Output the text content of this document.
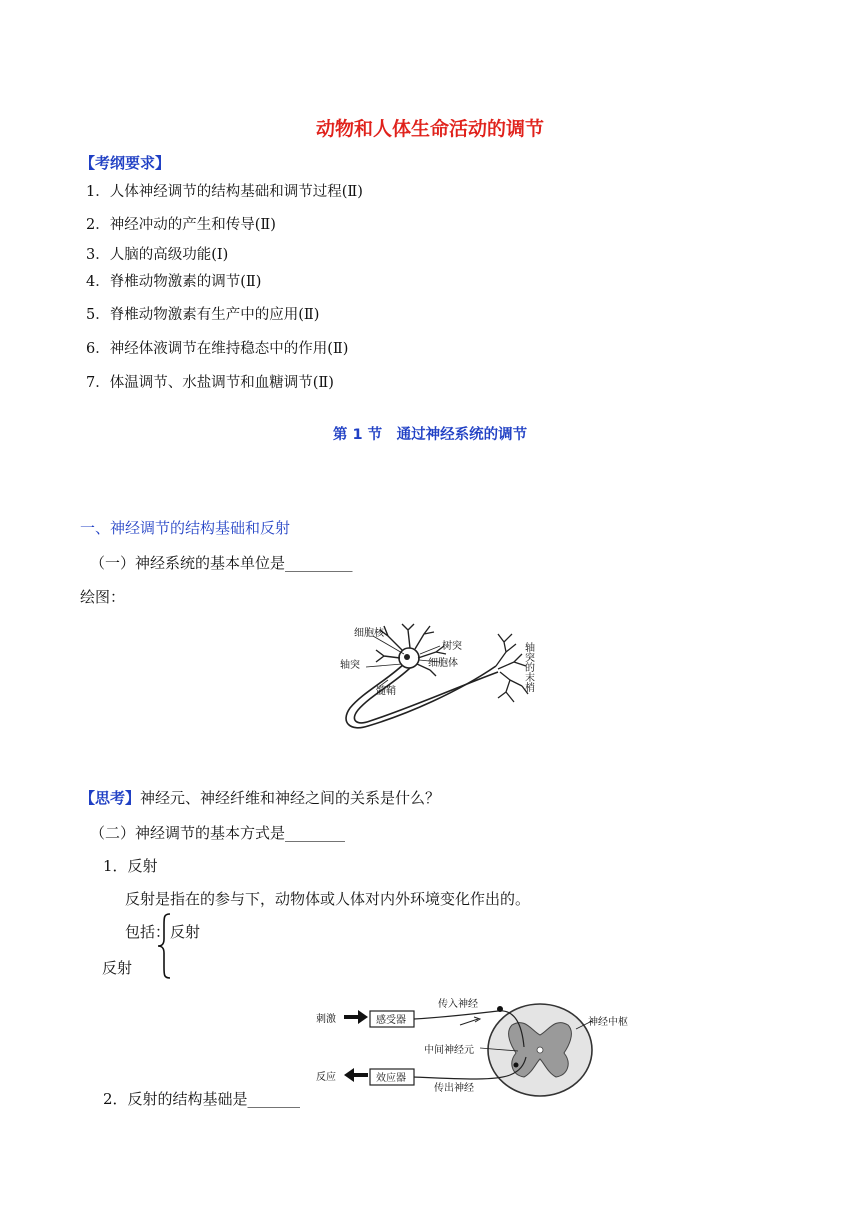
动物和人体生命活动的调节
【考纲要求】
1．人体神经调节的结构基础和调节过程(Ⅱ)
2．神经冲动的产生和传导(Ⅱ)
3．人脑的高级功能(Ⅰ)
4．脊椎动物激素的调节(Ⅱ)
5．脊椎动物激素有生产中的应用(Ⅱ)
6．神经体液调节在维持稳态中的作用(Ⅱ)
7．体温调节、水盐调节和血糖调节(Ⅱ)
第 1 节　通过神经系统的调节
一、神经调节的结构基础和反射
（一）神经系统的基本单位是_________
绘图：
细胞核
树突
细胞体
轴突
髓鞘	轴突的末梢
【思考】神经元、神经纤维和神经之间的关系是什么？
（二）神经调节的基本方式是________
1．反射
反射是指在的参与下，动物体或人体对内外环境变化作出的。
包括： 反射
反射
刺激	感受器
传入神经
神经中枢
中间神经元
反应	效应器
传出神经
2．反射的结构基础是_______
